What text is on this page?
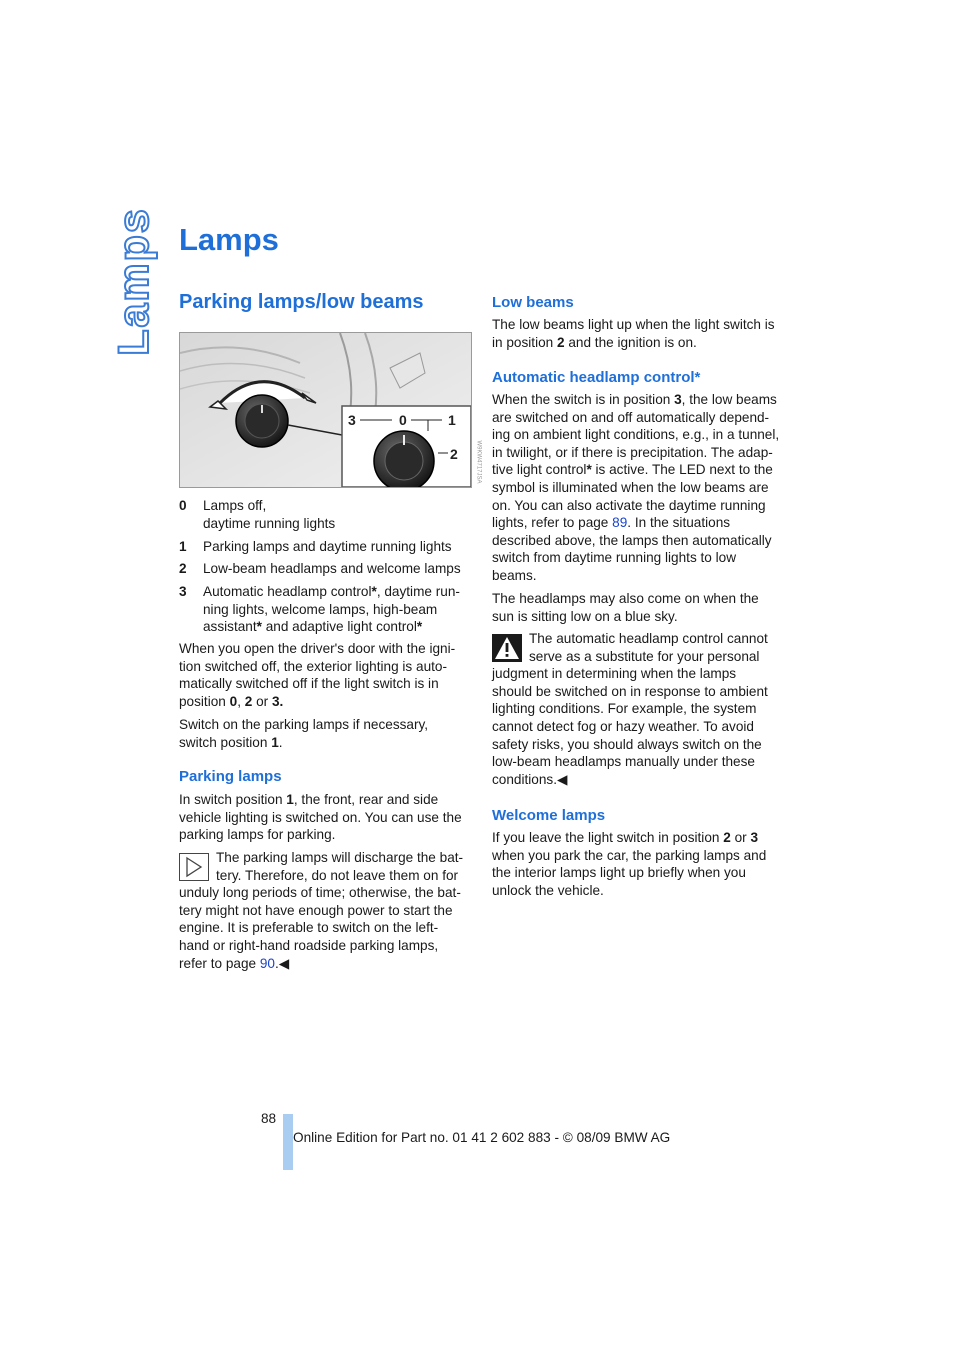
Lamps Lamps
Parking lamps/low beams
3	0	1
2
0 Lamps off,
daytime running lights
1 Parking lamps and daytime running lights
2 Low-beam headlamps and welcome lamps
3 Automatic headlamp control*, daytime run-
ning lights, welcome lamps, high-beam
assistant* and adaptive light control*

When you open the driver's door with the igni-
tion switched off, the exterior lighting is auto-
matically switched off if the light switch is in
position 0, 2 or 3.

Switch on the parking lamps if necessary,
switch position 1.

Parking lamps

In switch position 1, the front, rear and side
vehicle lighting is switched on. You can use the
parking lamps for parking.

The parking lamps will discharge the bat-
tery. Therefore, do not leave them on for
unduly long periods of time; otherwise, the bat-
tery might not have enough power to start the
engine. It is preferable to switch on the left-
hand or right-hand roadside parking lamps,
refer to page 90.◀

Low beams

The low beams light up when the light switch is
in position 2 and the ignition is on.

Automatic headlamp control*

When the switch is in position 3, the low beams
are switched on and off automatically depend-
ing on ambient light conditions, e.g., in a tunnel,
in twilight, or if there is precipitation. The adap-
tive light control* is active. The LED next to the
symbol is illuminated when the low beams are
on. You can also activate the daytime running
lights, refer to page 89. In the situations
described above, the lamps then automatically
switch from daytime running lights to low
beams.

The headlamps may also come on when the
sun is sitting low on a blue sky.

The automatic headlamp control cannot
serve as a substitute for your personal
judgment in determining when the lamps
should be switched on in response to ambient
lighting conditions. For example, the system
cannot detect fog or hazy weather. To avoid
safety risks, you should always switch on the
low-beam headlamps manually under these
conditions.◀

Welcome lamps

If you leave the light switch in position 2 or 3
when you park the car, the parking lamps and
the interior lamps light up briefly when you
unlock the vehicle.

W9KW4717JSA
88
Online Edition for Part no. 01 41 2 602 883 - © 08/09 BMW AG
